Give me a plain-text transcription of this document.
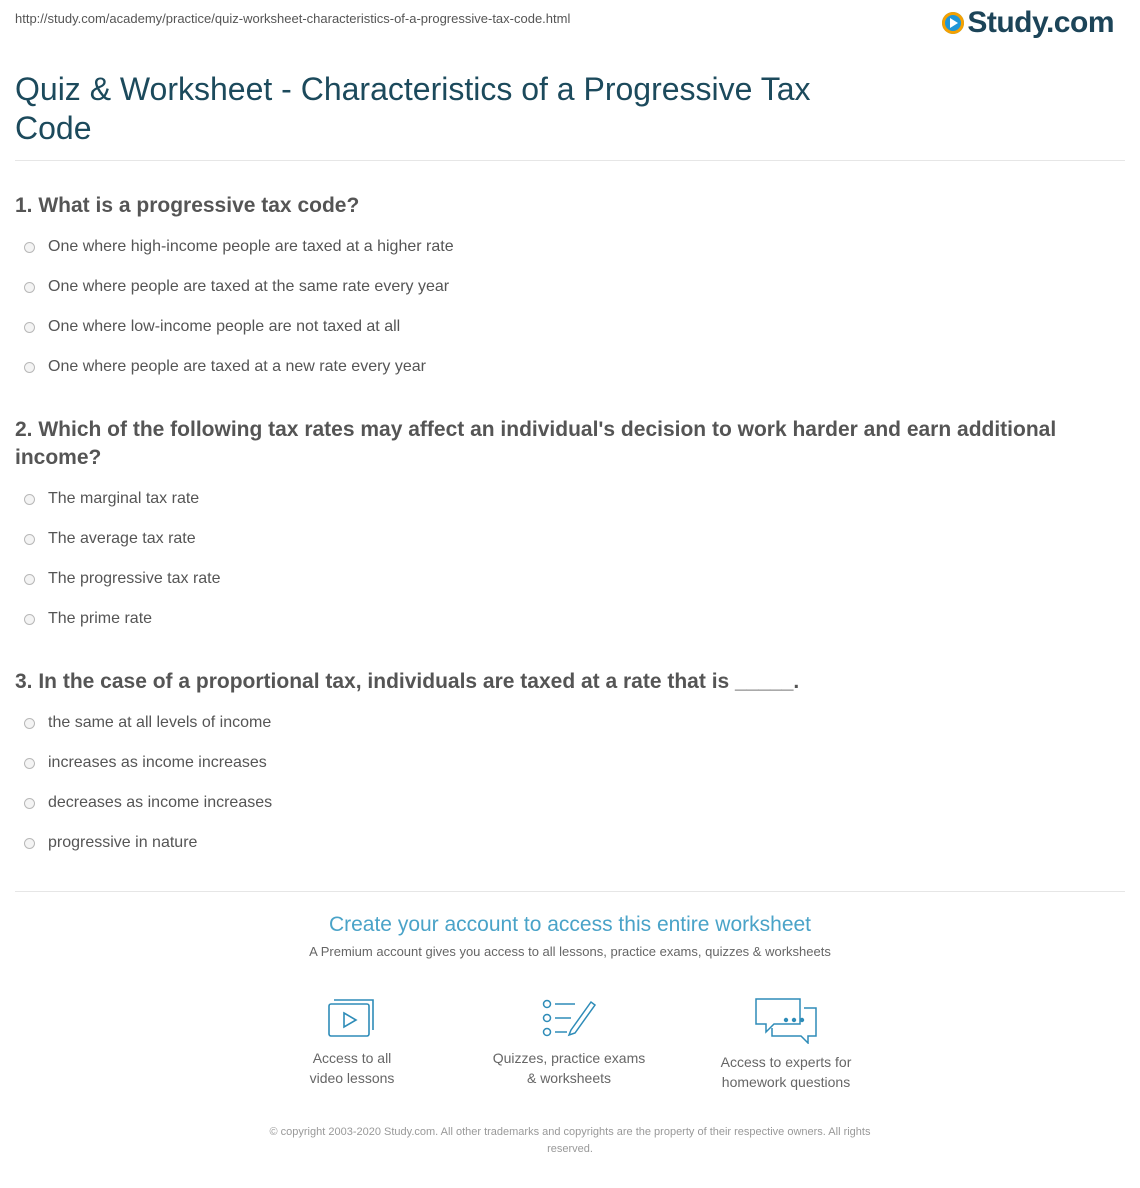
http://study.com/academy/practice/quiz-worksheet-characteristics-of-a-progressive-tax-code.html	Study.com
Quiz & Worksheet - Characteristics of a Progressive Tax Code
1. What is a progressive tax code?
One where high-income people are taxed at a higher rate
One where people are taxed at the same rate every year
One where low-income people are not taxed at all
One where people are taxed at a new rate every year
2. Which of the following tax rates may affect an individual's decision to work harder and earn additional income?
The marginal tax rate
The average tax rate
The progressive tax rate
The prime rate
3. In the case of a proportional tax, individuals are taxed at a rate that is _____.
the same at all levels of income
increases as income increases
decreases as income increases
progressive in nature
Create your account to access this entire worksheet
A Premium account gives you access to all lessons, practice exams, quizzes & worksheets
Access to all
video lessons
Quizzes, practice exams
& worksheets
Access to experts for
homework questions
© copyright 2003-2020 Study.com. All other trademarks and copyrights are the property of their respective owners. All rights
reserved.
